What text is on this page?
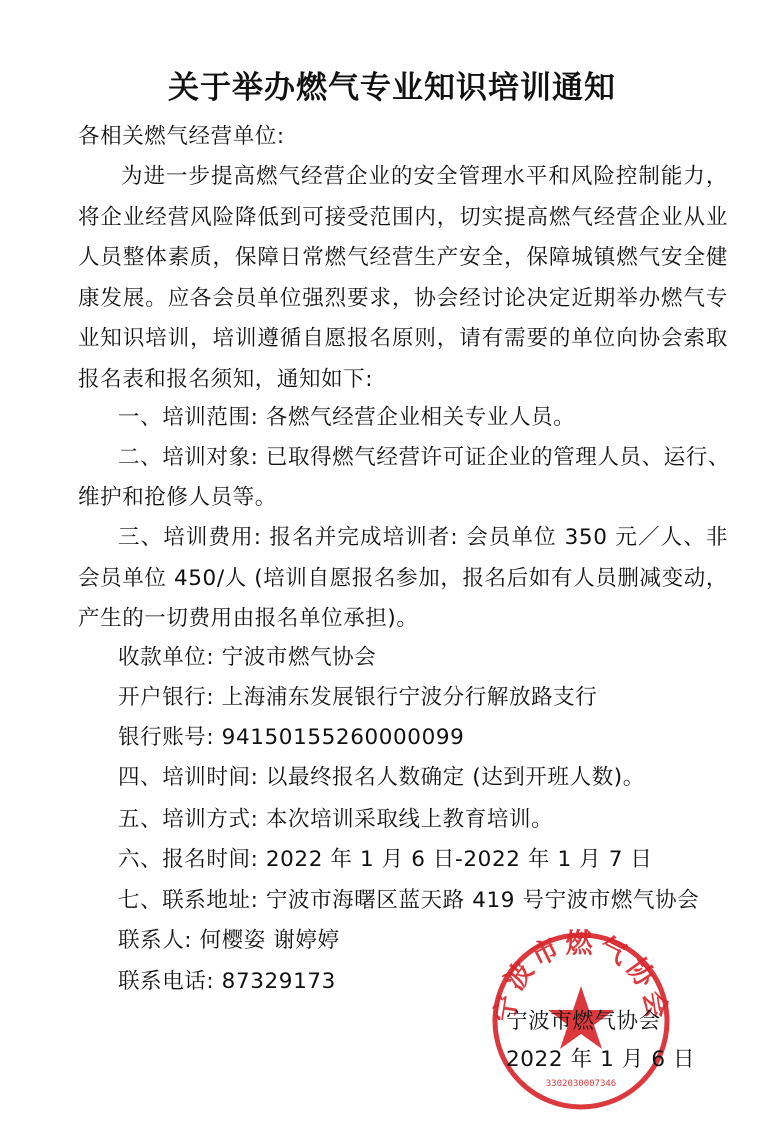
关于举办燃气专业知识培训通知
各相关燃气经营单位:
为进一步提高燃气经营企业的安全管理水平和风险控制能力，将企业经营风险降低到可接受范围内，切实提高燃气经营企业从业人员整体素质，保障日常燃气经营生产安全，保障城镇燃气安全健康发展。应各会员单位强烈要求，协会经讨论决定近期举办燃气专业知识培训，培训遵循自愿报名原则，请有需要的单位向协会索取报名表和报名须知，通知如下:
一、培训范围: 各燃气经营企业相关专业人员。
二、培训对象: 已取得燃气经营许可证企业的管理人员、运行、
维护和抢修人员等。
三、培训费用: 报名并完成培训者: 会员单位 350 元／人、非会员单位 450/人 (培训自愿报名参加，报名后如有人员删减变动，产生的一切费用由报名单位承担)。
收款单位: 宁波市燃气协会
开户银行: 上海浦东发展银行宁波分行解放路支行
银行账号: 94150155260000099
四、培训时间: 以最终报名人数确定 (达到开班人数)。
五、培训方式: 本次培训采取线上教育培训。
六、报名时间: 2022 年 1 月 6 日-2022 年 1 月 7 日
七、联系地址: 宁波市海曙区蓝天路 419 号宁波市燃气协会
联系人: 何樱姿 谢婷婷
联系电话: 87329173
宁波市燃气协会
3302030007346
宁波市燃气协会
2022 年 1 月 6 日
